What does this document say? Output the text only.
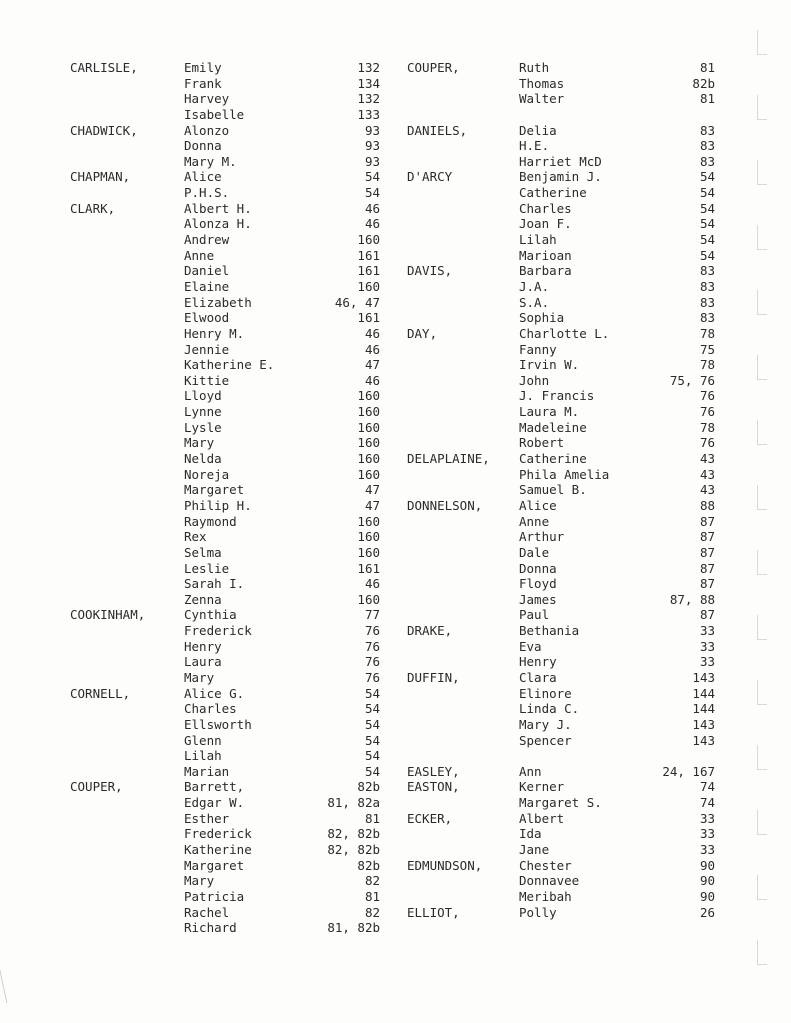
CARLISLE,	Emily	132
Frank	134
Harvey	132
Isabelle	133
CHADWICK,	Alonzo	93
Donna	93
Mary M.	93
CHAPMAN,	Alice	54
P.H.S.	54
CLARK,	Albert H.	46
Alonza H.	46
Andrew	160
Anne	161
Daniel	161
Elaine	160
Elizabeth	46, 47
Elwood	161
Henry M.	46
Jennie	46
Katherine E.	47
Kittie	46
Lloyd	160
Lynne	160
Lysle	160
Mary	160
Nelda	160
Noreja	160
Margaret	47
Philip H.	47
Raymond	160
Rex	160
Selma	160
Leslie	161
Sarah I.	46
Zenna	160
COOKINHAM,	Cynthia	77
Frederick	76
Henry	76
Laura	76
Mary	76
CORNELL,	Alice G.	54
Charles	54
Ellsworth	54
Glenn	54
Lilah	54
Marian	54
COUPER,	Barrett,	82b
Edgar W.	81, 82a
Esther	81
Frederick	82, 82b
Katherine	82, 82b
Margaret	82b
Mary	82
Patricia	81
Rachel	82
Richard	81, 82b
COUPER,	Ruth	81
Thomas	82b
Walter	81
DANIELS,	Delia	83
H.E.	83
Harriet McD	83
D'ARCY	Benjamin J.	54
Catherine	54
Charles	54
Joan F.	54
Lilah	54
Marioan	54
DAVIS,	Barbara	83
J.A.	83
S.A.	83
Sophia	83
DAY,	Charlotte L.	78
Fanny	75
Irvin W.	78
John	75, 76
J. Francis	76
Laura M.	76
Madeleine	78
Robert	76
DELAPLAINE, Catherine	43
Phila Amelia	43
Samuel B.	43
DONNELSON,	Alice	88
Anne	87
Arthur	87
Dale	87
Donna	87
Floyd	87
James	87, 88
Paul	87
DRAKE,	Bethania	33
Eva	33
Henry	33
DUFFIN,	Clara	143
Elinore	144
Linda C.	144
Mary J.	143
Spencer	143
EASLEY,	Ann	24, 167
EASTON,	Kerner	74
Margaret S.	74
ECKER,	Albert	33
Ida	33
Jane	33
EDMUNDSON,	Chester	90
Donnavee	90
Meribah	90
ELLIOT,	Polly	26
